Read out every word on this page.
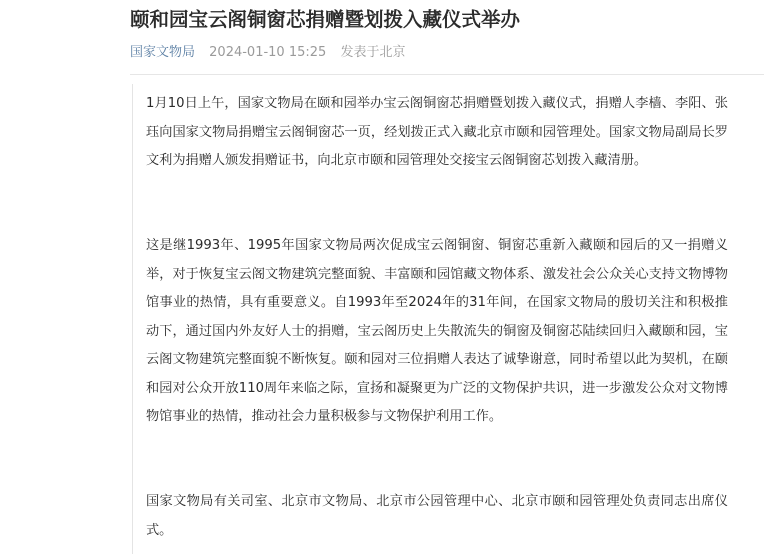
颐和园宝云阁铜窗芯捐赠暨划拨入藏仪式举办
国家文物局 2024-01-10 15:25 发表于北京

1月10日上午，国家文物局在颐和园举办宝云阁铜窗芯捐赠暨划拨入藏仪式，捐赠人李樯、李阳、张珏向国家文物局捐赠宝云阁铜窗芯一页，经划拨正式入藏北京市颐和园管理处。国家文物局副局长罗文利为捐赠人颁发捐赠证书，向北京市颐和园管理处交接宝云阁铜窗芯划拨入藏清册。

这是继1993年、1995年国家文物局两次促成宝云阁铜窗、铜窗芯重新入藏颐和园后的又一捐赠义举，对于恢复宝云阁文物建筑完整面貌、丰富颐和园馆藏文物体系、激发社会公众关心支持文物博物馆事业的热情，具有重要意义。自1993年至2024年的31年间，在国家文物局的殷切关注和积极推动下，通过国内外友好人士的捐赠，宝云阁历史上失散流失的铜窗及铜窗芯陆续回归入藏颐和园，宝云阁文物建筑完整面貌不断恢复。颐和园对三位捐赠人表达了诚挚谢意，同时希望以此为契机，在颐和园对公众开放110周年来临之际，宣扬和凝聚更为广泛的文物保护共识，进一步激发公众对文物博物馆事业的热情，推动社会力量积极参与文物保护利用工作。

国家文物局有关司室、北京市文物局、北京市公园管理中心、北京市颐和园管理处负责同志出席仪式。
